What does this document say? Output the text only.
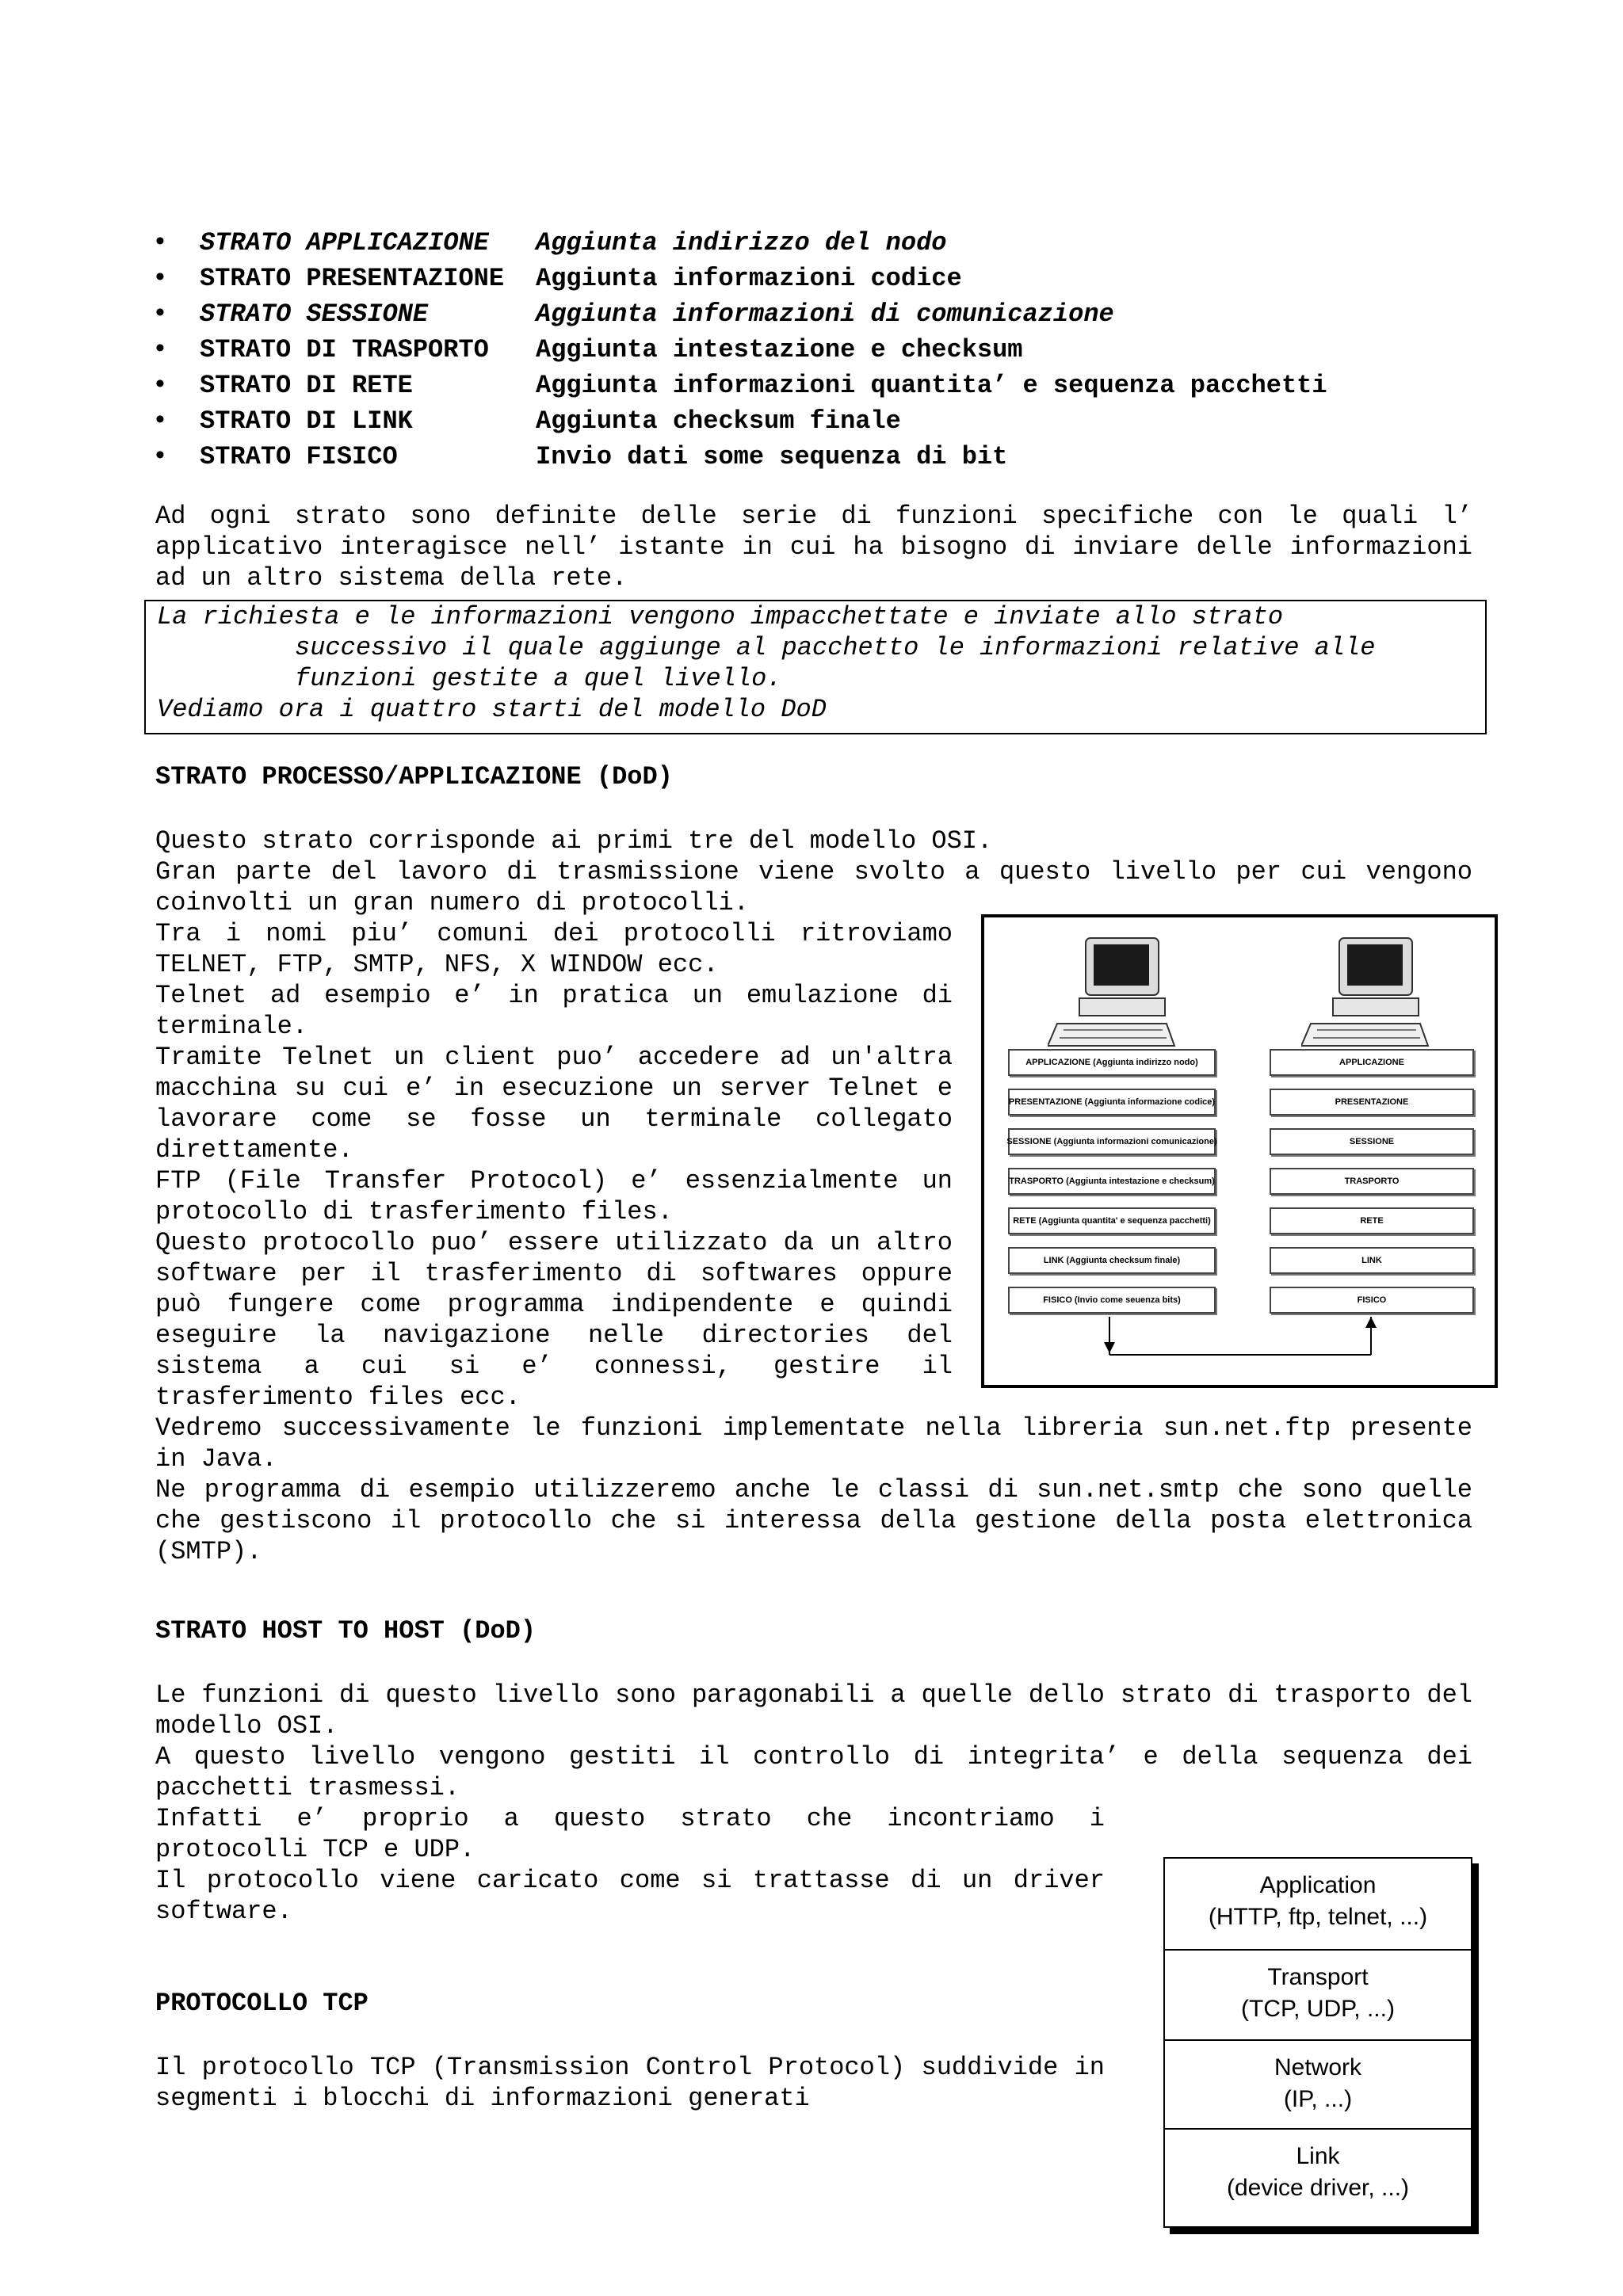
•	STRATO APPLICAZIONE	Aggiunta indirizzo del nodo
•	STRATO PRESENTAZIONE	Aggiunta informazioni codice
•	STRATO SESSIONE	Aggiunta informazioni di comunicazione
•	STRATO DI TRASPORTO	Aggiunta intestazione e checksum
•	STRATO DI RETE	Aggiunta informazioni quantita’ e sequenza pacchetti
•	STRATO DI LINK	Aggiunta checksum finale
•	STRATO FISICO	Invio dati some sequenza di bit
Ad ogni strato sono definite delle serie di funzioni specifiche con le quali l’ applicativo interagisce nell’ istante in cui ha bisogno di inviare delle informazioni ad un altro sistema della rete.
La richiesta e le informazioni vengono impacchettate e inviate allo strato
successivo il quale aggiunge al pacchetto le informazioni relative alle
funzioni gestite a quel livello.
Vediamo ora i quattro starti del modello DoD
STRATO PROCESSO/APPLICAZIONE (DoD)
Questo strato corrisponde ai primi tre del modello OSI.
Gran parte del lavoro di trasmissione viene svolto a questo livello per cui vengono coinvolti un gran numero di protocolli.
Tra i nomi piu’ comuni dei protocolli ritroviamo TELNET, FTP, SMTP, NFS, X WINDOW ecc.
Telnet ad esempio e’ in pratica un emulazione di terminale.
Tramite Telnet un client puo’ accedere ad un'altra macchina su cui e’ in esecuzione un server Telnet e lavorare come se fosse un terminale collegato direttamente.
FTP (File Transfer Protocol) e’ essenzialmente un protocollo di trasferimento files.
Questo protocollo puo’ essere utilizzato da un altro software per il trasferimento di softwares oppure può fungere come programma indipendente e quindi eseguire la navigazione nelle directories del sistema a cui si e’ connessi, gestire il trasferimento files ecc.
Vedremo successivamente le funzioni implementate nella libreria sun.net.ftp presente in Java.
Ne programma di esempio utilizzeremo anche le classi di sun.net.smtp che sono quelle che gestiscono il protocollo che si interessa della gestione della posta elettronica (SMTP).
APPLICAZIONE (Aggiunta indirizzo nodo)
PRESENTAZIONE (Aggiunta informazione codice)
SESSIONE (Aggiunta informazioni comunicazione)
TRASPORTO (Aggiunta intestazione e checksum)
RETE (Aggiunta quantita' e sequenza pacchetti)
LINK (Aggiunta checksum finale)
FISICO (Invio come seuenza bits)
APPLICAZIONE
PRESENTAZIONE
SESSIONE
TRASPORTO
RETE
LINK
FISICO
STRATO HOST TO HOST (DoD)
Le funzioni di questo livello sono paragonabili a quelle dello strato di trasporto del modello OSI.
A questo livello vengono gestiti il controllo di integrita’ e della sequenza dei pacchetti trasmessi.
Infatti e’ proprio a questo strato che incontriamo i protocolli TCP e UDP.
Il protocollo viene caricato come si trattasse di un driver software.
PROTOCOLLO TCP
Il protocollo TCP (Transmission Control Protocol) suddivide in segmenti i blocchi di informazioni generati
Application
(HTTP, ftp, telnet, ...)
Transport
(TCP, UDP, ...)
Network
(IP, ...)
Link
(device driver, ...)
